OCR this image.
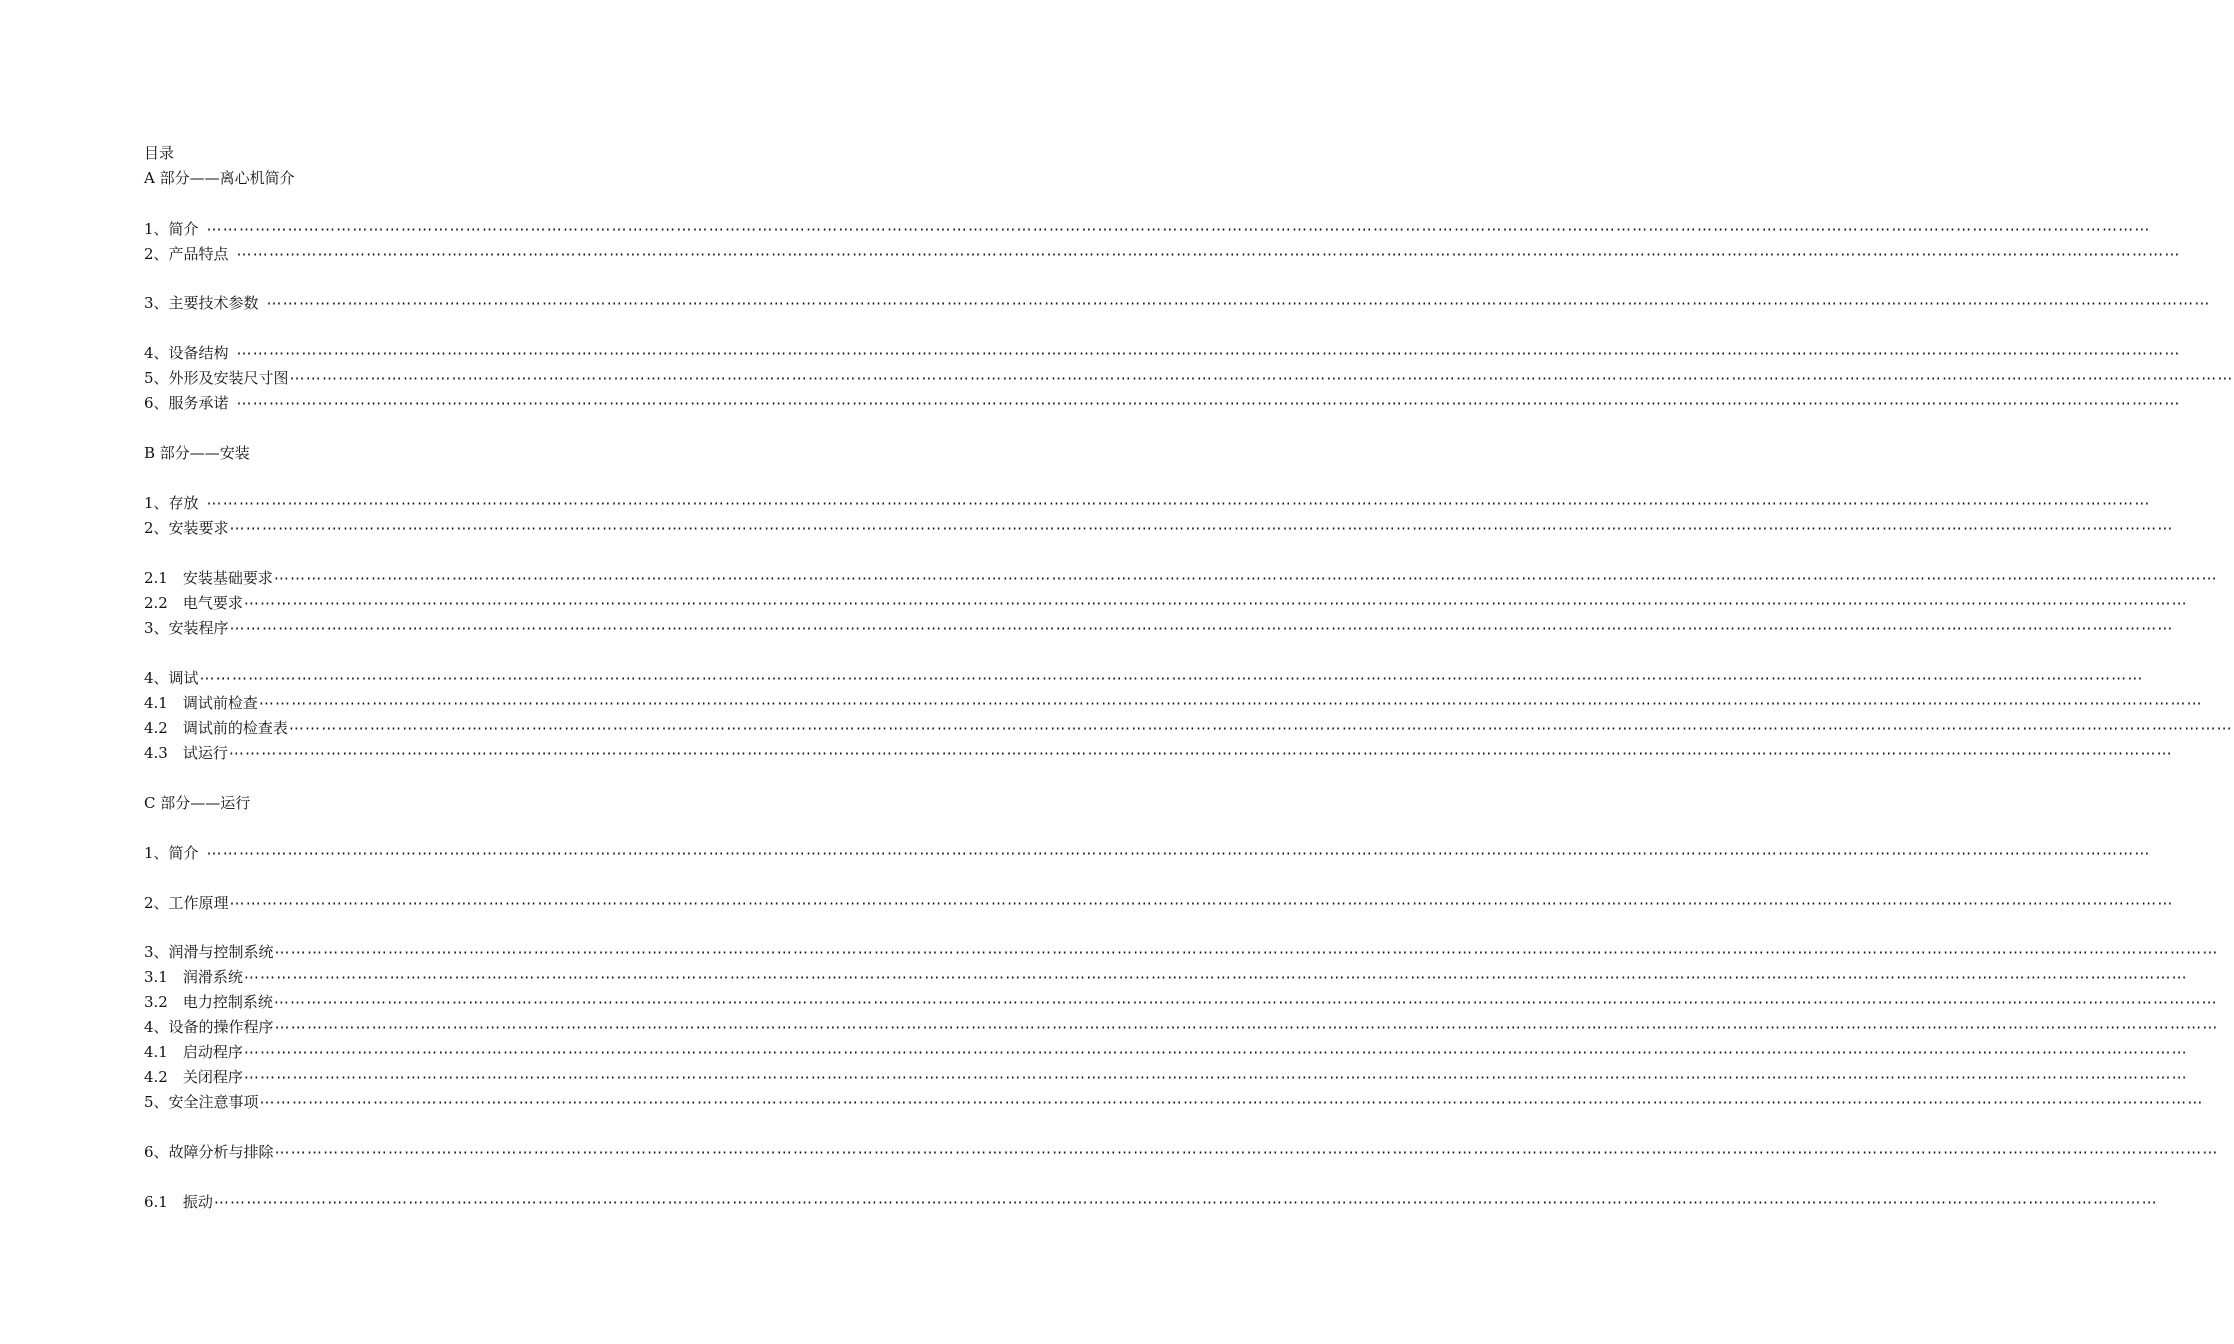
目录
A 部分——离心机简介
1、简介 ⋯⋯⋯⋯⋯⋯⋯⋯⋯⋯⋯⋯⋯⋯⋯⋯⋯⋯⋯⋯⋯⋯⋯⋯⋯⋯⋯⋯⋯⋯⋯⋯⋯⋯⋯⋯⋯⋯⋯⋯⋯⋯⋯⋯⋯⋯⋯⋯⋯⋯⋯⋯⋯⋯⋯⋯⋯⋯⋯⋯⋯⋯⋯⋯⋯⋯⋯⋯⋯⋯⋯⋯⋯⋯⋯⋯⋯⋯⋯⋯⋯⋯⋯⋯⋯⋯⋯⋯⋯⋯⋯⋯⋯⋯⋯⋯⋯⋯⋯⋯⋯⋯⋯⋯⋯⋯⋯⋯⋯⋯⋯⋯⋯⋯⋯⋯⋯⋯⋯⋯
2、产品特点 ⋯⋯⋯⋯⋯⋯⋯⋯⋯⋯⋯⋯⋯⋯⋯⋯⋯⋯⋯⋯⋯⋯⋯⋯⋯⋯⋯⋯⋯⋯⋯⋯⋯⋯⋯⋯⋯⋯⋯⋯⋯⋯⋯⋯⋯⋯⋯⋯⋯⋯⋯⋯⋯⋯⋯⋯⋯⋯⋯⋯⋯⋯⋯⋯⋯⋯⋯⋯⋯⋯⋯⋯⋯⋯⋯⋯⋯⋯⋯⋯⋯⋯⋯⋯⋯⋯⋯⋯⋯⋯⋯⋯⋯⋯⋯⋯⋯⋯⋯⋯⋯⋯⋯⋯⋯⋯⋯⋯⋯⋯⋯⋯⋯⋯⋯⋯⋯⋯⋯⋯
3、主要技术参数 ⋯⋯⋯⋯⋯⋯⋯⋯⋯⋯⋯⋯⋯⋯⋯⋯⋯⋯⋯⋯⋯⋯⋯⋯⋯⋯⋯⋯⋯⋯⋯⋯⋯⋯⋯⋯⋯⋯⋯⋯⋯⋯⋯⋯⋯⋯⋯⋯⋯⋯⋯⋯⋯⋯⋯⋯⋯⋯⋯⋯⋯⋯⋯⋯⋯⋯⋯⋯⋯⋯⋯⋯⋯⋯⋯⋯⋯⋯⋯⋯⋯⋯⋯⋯⋯⋯⋯⋯⋯⋯⋯⋯⋯⋯⋯⋯⋯⋯⋯⋯⋯⋯⋯⋯⋯⋯⋯⋯⋯⋯⋯⋯⋯⋯⋯⋯⋯⋯⋯⋯
4、设备结构 ⋯⋯⋯⋯⋯⋯⋯⋯⋯⋯⋯⋯⋯⋯⋯⋯⋯⋯⋯⋯⋯⋯⋯⋯⋯⋯⋯⋯⋯⋯⋯⋯⋯⋯⋯⋯⋯⋯⋯⋯⋯⋯⋯⋯⋯⋯⋯⋯⋯⋯⋯⋯⋯⋯⋯⋯⋯⋯⋯⋯⋯⋯⋯⋯⋯⋯⋯⋯⋯⋯⋯⋯⋯⋯⋯⋯⋯⋯⋯⋯⋯⋯⋯⋯⋯⋯⋯⋯⋯⋯⋯⋯⋯⋯⋯⋯⋯⋯⋯⋯⋯⋯⋯⋯⋯⋯⋯⋯⋯⋯⋯⋯⋯⋯⋯⋯⋯⋯⋯⋯
5、外形及安装尺寸图 ⋯⋯⋯⋯⋯⋯⋯⋯⋯⋯⋯⋯⋯⋯⋯⋯⋯⋯⋯⋯⋯⋯⋯⋯⋯⋯⋯⋯⋯⋯⋯⋯⋯⋯⋯⋯⋯⋯⋯⋯⋯⋯⋯⋯⋯⋯⋯⋯⋯⋯⋯⋯⋯⋯⋯⋯⋯⋯⋯⋯⋯⋯⋯⋯⋯⋯⋯⋯⋯⋯⋯⋯⋯⋯⋯⋯⋯⋯⋯⋯⋯⋯⋯⋯⋯⋯⋯⋯⋯⋯⋯⋯⋯⋯⋯⋯⋯⋯⋯⋯⋯⋯⋯⋯⋯⋯⋯⋯⋯⋯⋯⋯⋯⋯⋯⋯⋯⋯⋯⋯
6、服务承诺 ⋯⋯⋯⋯⋯⋯⋯⋯⋯⋯⋯⋯⋯⋯⋯⋯⋯⋯⋯⋯⋯⋯⋯⋯⋯⋯⋯⋯⋯⋯⋯⋯⋯⋯⋯⋯⋯⋯⋯⋯⋯⋯⋯⋯⋯⋯⋯⋯⋯⋯⋯⋯⋯⋯⋯⋯⋯⋯⋯⋯⋯⋯⋯⋯⋯⋯⋯⋯⋯⋯⋯⋯⋯⋯⋯⋯⋯⋯⋯⋯⋯⋯⋯⋯⋯⋯⋯⋯⋯⋯⋯⋯⋯⋯⋯⋯⋯⋯⋯⋯⋯⋯⋯⋯⋯⋯⋯⋯⋯⋯⋯⋯⋯⋯⋯⋯⋯⋯⋯⋯
B 部分——安装
1、存放 ⋯⋯⋯⋯⋯⋯⋯⋯⋯⋯⋯⋯⋯⋯⋯⋯⋯⋯⋯⋯⋯⋯⋯⋯⋯⋯⋯⋯⋯⋯⋯⋯⋯⋯⋯⋯⋯⋯⋯⋯⋯⋯⋯⋯⋯⋯⋯⋯⋯⋯⋯⋯⋯⋯⋯⋯⋯⋯⋯⋯⋯⋯⋯⋯⋯⋯⋯⋯⋯⋯⋯⋯⋯⋯⋯⋯⋯⋯⋯⋯⋯⋯⋯⋯⋯⋯⋯⋯⋯⋯⋯⋯⋯⋯⋯⋯⋯⋯⋯⋯⋯⋯⋯⋯⋯⋯⋯⋯⋯⋯⋯⋯⋯⋯⋯⋯⋯⋯⋯⋯
2、安装要求 ⋯⋯⋯⋯⋯⋯⋯⋯⋯⋯⋯⋯⋯⋯⋯⋯⋯⋯⋯⋯⋯⋯⋯⋯⋯⋯⋯⋯⋯⋯⋯⋯⋯⋯⋯⋯⋯⋯⋯⋯⋯⋯⋯⋯⋯⋯⋯⋯⋯⋯⋯⋯⋯⋯⋯⋯⋯⋯⋯⋯⋯⋯⋯⋯⋯⋯⋯⋯⋯⋯⋯⋯⋯⋯⋯⋯⋯⋯⋯⋯⋯⋯⋯⋯⋯⋯⋯⋯⋯⋯⋯⋯⋯⋯⋯⋯⋯⋯⋯⋯⋯⋯⋯⋯⋯⋯⋯⋯⋯⋯⋯⋯⋯⋯⋯⋯⋯⋯⋯⋯
2.1　安装基础要求 ⋯⋯⋯⋯⋯⋯⋯⋯⋯⋯⋯⋯⋯⋯⋯⋯⋯⋯⋯⋯⋯⋯⋯⋯⋯⋯⋯⋯⋯⋯⋯⋯⋯⋯⋯⋯⋯⋯⋯⋯⋯⋯⋯⋯⋯⋯⋯⋯⋯⋯⋯⋯⋯⋯⋯⋯⋯⋯⋯⋯⋯⋯⋯⋯⋯⋯⋯⋯⋯⋯⋯⋯⋯⋯⋯⋯⋯⋯⋯⋯⋯⋯⋯⋯⋯⋯⋯⋯⋯⋯⋯⋯⋯⋯⋯⋯⋯⋯⋯⋯⋯⋯⋯⋯⋯⋯⋯⋯⋯⋯⋯⋯⋯⋯⋯⋯⋯⋯⋯⋯
2.2　电气要求 ⋯⋯⋯⋯⋯⋯⋯⋯⋯⋯⋯⋯⋯⋯⋯⋯⋯⋯⋯⋯⋯⋯⋯⋯⋯⋯⋯⋯⋯⋯⋯⋯⋯⋯⋯⋯⋯⋯⋯⋯⋯⋯⋯⋯⋯⋯⋯⋯⋯⋯⋯⋯⋯⋯⋯⋯⋯⋯⋯⋯⋯⋯⋯⋯⋯⋯⋯⋯⋯⋯⋯⋯⋯⋯⋯⋯⋯⋯⋯⋯⋯⋯⋯⋯⋯⋯⋯⋯⋯⋯⋯⋯⋯⋯⋯⋯⋯⋯⋯⋯⋯⋯⋯⋯⋯⋯⋯⋯⋯⋯⋯⋯⋯⋯⋯⋯⋯⋯⋯⋯
3、安装程序 ⋯⋯⋯⋯⋯⋯⋯⋯⋯⋯⋯⋯⋯⋯⋯⋯⋯⋯⋯⋯⋯⋯⋯⋯⋯⋯⋯⋯⋯⋯⋯⋯⋯⋯⋯⋯⋯⋯⋯⋯⋯⋯⋯⋯⋯⋯⋯⋯⋯⋯⋯⋯⋯⋯⋯⋯⋯⋯⋯⋯⋯⋯⋯⋯⋯⋯⋯⋯⋯⋯⋯⋯⋯⋯⋯⋯⋯⋯⋯⋯⋯⋯⋯⋯⋯⋯⋯⋯⋯⋯⋯⋯⋯⋯⋯⋯⋯⋯⋯⋯⋯⋯⋯⋯⋯⋯⋯⋯⋯⋯⋯⋯⋯⋯⋯⋯⋯⋯⋯⋯
4、调试 ⋯⋯⋯⋯⋯⋯⋯⋯⋯⋯⋯⋯⋯⋯⋯⋯⋯⋯⋯⋯⋯⋯⋯⋯⋯⋯⋯⋯⋯⋯⋯⋯⋯⋯⋯⋯⋯⋯⋯⋯⋯⋯⋯⋯⋯⋯⋯⋯⋯⋯⋯⋯⋯⋯⋯⋯⋯⋯⋯⋯⋯⋯⋯⋯⋯⋯⋯⋯⋯⋯⋯⋯⋯⋯⋯⋯⋯⋯⋯⋯⋯⋯⋯⋯⋯⋯⋯⋯⋯⋯⋯⋯⋯⋯⋯⋯⋯⋯⋯⋯⋯⋯⋯⋯⋯⋯⋯⋯⋯⋯⋯⋯⋯⋯⋯⋯⋯⋯⋯⋯
4.1　调试前检查 ⋯⋯⋯⋯⋯⋯⋯⋯⋯⋯⋯⋯⋯⋯⋯⋯⋯⋯⋯⋯⋯⋯⋯⋯⋯⋯⋯⋯⋯⋯⋯⋯⋯⋯⋯⋯⋯⋯⋯⋯⋯⋯⋯⋯⋯⋯⋯⋯⋯⋯⋯⋯⋯⋯⋯⋯⋯⋯⋯⋯⋯⋯⋯⋯⋯⋯⋯⋯⋯⋯⋯⋯⋯⋯⋯⋯⋯⋯⋯⋯⋯⋯⋯⋯⋯⋯⋯⋯⋯⋯⋯⋯⋯⋯⋯⋯⋯⋯⋯⋯⋯⋯⋯⋯⋯⋯⋯⋯⋯⋯⋯⋯⋯⋯⋯⋯⋯⋯⋯⋯
4.2　调试前的检查表 ⋯⋯⋯⋯⋯⋯⋯⋯⋯⋯⋯⋯⋯⋯⋯⋯⋯⋯⋯⋯⋯⋯⋯⋯⋯⋯⋯⋯⋯⋯⋯⋯⋯⋯⋯⋯⋯⋯⋯⋯⋯⋯⋯⋯⋯⋯⋯⋯⋯⋯⋯⋯⋯⋯⋯⋯⋯⋯⋯⋯⋯⋯⋯⋯⋯⋯⋯⋯⋯⋯⋯⋯⋯⋯⋯⋯⋯⋯⋯⋯⋯⋯⋯⋯⋯⋯⋯⋯⋯⋯⋯⋯⋯⋯⋯⋯⋯⋯⋯⋯⋯⋯⋯⋯⋯⋯⋯⋯⋯⋯⋯⋯⋯⋯⋯⋯⋯⋯⋯⋯
4.3　试运行 ⋯⋯⋯⋯⋯⋯⋯⋯⋯⋯⋯⋯⋯⋯⋯⋯⋯⋯⋯⋯⋯⋯⋯⋯⋯⋯⋯⋯⋯⋯⋯⋯⋯⋯⋯⋯⋯⋯⋯⋯⋯⋯⋯⋯⋯⋯⋯⋯⋯⋯⋯⋯⋯⋯⋯⋯⋯⋯⋯⋯⋯⋯⋯⋯⋯⋯⋯⋯⋯⋯⋯⋯⋯⋯⋯⋯⋯⋯⋯⋯⋯⋯⋯⋯⋯⋯⋯⋯⋯⋯⋯⋯⋯⋯⋯⋯⋯⋯⋯⋯⋯⋯⋯⋯⋯⋯⋯⋯⋯⋯⋯⋯⋯⋯⋯⋯⋯⋯⋯⋯
C 部分——运行
1、简介 ⋯⋯⋯⋯⋯⋯⋯⋯⋯⋯⋯⋯⋯⋯⋯⋯⋯⋯⋯⋯⋯⋯⋯⋯⋯⋯⋯⋯⋯⋯⋯⋯⋯⋯⋯⋯⋯⋯⋯⋯⋯⋯⋯⋯⋯⋯⋯⋯⋯⋯⋯⋯⋯⋯⋯⋯⋯⋯⋯⋯⋯⋯⋯⋯⋯⋯⋯⋯⋯⋯⋯⋯⋯⋯⋯⋯⋯⋯⋯⋯⋯⋯⋯⋯⋯⋯⋯⋯⋯⋯⋯⋯⋯⋯⋯⋯⋯⋯⋯⋯⋯⋯⋯⋯⋯⋯⋯⋯⋯⋯⋯⋯⋯⋯⋯⋯⋯⋯⋯⋯
2、工作原理 ⋯⋯⋯⋯⋯⋯⋯⋯⋯⋯⋯⋯⋯⋯⋯⋯⋯⋯⋯⋯⋯⋯⋯⋯⋯⋯⋯⋯⋯⋯⋯⋯⋯⋯⋯⋯⋯⋯⋯⋯⋯⋯⋯⋯⋯⋯⋯⋯⋯⋯⋯⋯⋯⋯⋯⋯⋯⋯⋯⋯⋯⋯⋯⋯⋯⋯⋯⋯⋯⋯⋯⋯⋯⋯⋯⋯⋯⋯⋯⋯⋯⋯⋯⋯⋯⋯⋯⋯⋯⋯⋯⋯⋯⋯⋯⋯⋯⋯⋯⋯⋯⋯⋯⋯⋯⋯⋯⋯⋯⋯⋯⋯⋯⋯⋯⋯⋯⋯⋯⋯
3、润滑与控制系统 ⋯⋯⋯⋯⋯⋯⋯⋯⋯⋯⋯⋯⋯⋯⋯⋯⋯⋯⋯⋯⋯⋯⋯⋯⋯⋯⋯⋯⋯⋯⋯⋯⋯⋯⋯⋯⋯⋯⋯⋯⋯⋯⋯⋯⋯⋯⋯⋯⋯⋯⋯⋯⋯⋯⋯⋯⋯⋯⋯⋯⋯⋯⋯⋯⋯⋯⋯⋯⋯⋯⋯⋯⋯⋯⋯⋯⋯⋯⋯⋯⋯⋯⋯⋯⋯⋯⋯⋯⋯⋯⋯⋯⋯⋯⋯⋯⋯⋯⋯⋯⋯⋯⋯⋯⋯⋯⋯⋯⋯⋯⋯⋯⋯⋯⋯⋯⋯⋯⋯⋯
3.1　润滑系统 ⋯⋯⋯⋯⋯⋯⋯⋯⋯⋯⋯⋯⋯⋯⋯⋯⋯⋯⋯⋯⋯⋯⋯⋯⋯⋯⋯⋯⋯⋯⋯⋯⋯⋯⋯⋯⋯⋯⋯⋯⋯⋯⋯⋯⋯⋯⋯⋯⋯⋯⋯⋯⋯⋯⋯⋯⋯⋯⋯⋯⋯⋯⋯⋯⋯⋯⋯⋯⋯⋯⋯⋯⋯⋯⋯⋯⋯⋯⋯⋯⋯⋯⋯⋯⋯⋯⋯⋯⋯⋯⋯⋯⋯⋯⋯⋯⋯⋯⋯⋯⋯⋯⋯⋯⋯⋯⋯⋯⋯⋯⋯⋯⋯⋯⋯⋯⋯⋯⋯⋯
3.2　电力控制系统 ⋯⋯⋯⋯⋯⋯⋯⋯⋯⋯⋯⋯⋯⋯⋯⋯⋯⋯⋯⋯⋯⋯⋯⋯⋯⋯⋯⋯⋯⋯⋯⋯⋯⋯⋯⋯⋯⋯⋯⋯⋯⋯⋯⋯⋯⋯⋯⋯⋯⋯⋯⋯⋯⋯⋯⋯⋯⋯⋯⋯⋯⋯⋯⋯⋯⋯⋯⋯⋯⋯⋯⋯⋯⋯⋯⋯⋯⋯⋯⋯⋯⋯⋯⋯⋯⋯⋯⋯⋯⋯⋯⋯⋯⋯⋯⋯⋯⋯⋯⋯⋯⋯⋯⋯⋯⋯⋯⋯⋯⋯⋯⋯⋯⋯⋯⋯⋯⋯⋯⋯
4、设备的操作程序 ⋯⋯⋯⋯⋯⋯⋯⋯⋯⋯⋯⋯⋯⋯⋯⋯⋯⋯⋯⋯⋯⋯⋯⋯⋯⋯⋯⋯⋯⋯⋯⋯⋯⋯⋯⋯⋯⋯⋯⋯⋯⋯⋯⋯⋯⋯⋯⋯⋯⋯⋯⋯⋯⋯⋯⋯⋯⋯⋯⋯⋯⋯⋯⋯⋯⋯⋯⋯⋯⋯⋯⋯⋯⋯⋯⋯⋯⋯⋯⋯⋯⋯⋯⋯⋯⋯⋯⋯⋯⋯⋯⋯⋯⋯⋯⋯⋯⋯⋯⋯⋯⋯⋯⋯⋯⋯⋯⋯⋯⋯⋯⋯⋯⋯⋯⋯⋯⋯⋯⋯
4.1　启动程序 ⋯⋯⋯⋯⋯⋯⋯⋯⋯⋯⋯⋯⋯⋯⋯⋯⋯⋯⋯⋯⋯⋯⋯⋯⋯⋯⋯⋯⋯⋯⋯⋯⋯⋯⋯⋯⋯⋯⋯⋯⋯⋯⋯⋯⋯⋯⋯⋯⋯⋯⋯⋯⋯⋯⋯⋯⋯⋯⋯⋯⋯⋯⋯⋯⋯⋯⋯⋯⋯⋯⋯⋯⋯⋯⋯⋯⋯⋯⋯⋯⋯⋯⋯⋯⋯⋯⋯⋯⋯⋯⋯⋯⋯⋯⋯⋯⋯⋯⋯⋯⋯⋯⋯⋯⋯⋯⋯⋯⋯⋯⋯⋯⋯⋯⋯⋯⋯⋯⋯⋯
4.2　关闭程序 ⋯⋯⋯⋯⋯⋯⋯⋯⋯⋯⋯⋯⋯⋯⋯⋯⋯⋯⋯⋯⋯⋯⋯⋯⋯⋯⋯⋯⋯⋯⋯⋯⋯⋯⋯⋯⋯⋯⋯⋯⋯⋯⋯⋯⋯⋯⋯⋯⋯⋯⋯⋯⋯⋯⋯⋯⋯⋯⋯⋯⋯⋯⋯⋯⋯⋯⋯⋯⋯⋯⋯⋯⋯⋯⋯⋯⋯⋯⋯⋯⋯⋯⋯⋯⋯⋯⋯⋯⋯⋯⋯⋯⋯⋯⋯⋯⋯⋯⋯⋯⋯⋯⋯⋯⋯⋯⋯⋯⋯⋯⋯⋯⋯⋯⋯⋯⋯⋯⋯⋯
5、安全注意事项 ⋯⋯⋯⋯⋯⋯⋯⋯⋯⋯⋯⋯⋯⋯⋯⋯⋯⋯⋯⋯⋯⋯⋯⋯⋯⋯⋯⋯⋯⋯⋯⋯⋯⋯⋯⋯⋯⋯⋯⋯⋯⋯⋯⋯⋯⋯⋯⋯⋯⋯⋯⋯⋯⋯⋯⋯⋯⋯⋯⋯⋯⋯⋯⋯⋯⋯⋯⋯⋯⋯⋯⋯⋯⋯⋯⋯⋯⋯⋯⋯⋯⋯⋯⋯⋯⋯⋯⋯⋯⋯⋯⋯⋯⋯⋯⋯⋯⋯⋯⋯⋯⋯⋯⋯⋯⋯⋯⋯⋯⋯⋯⋯⋯⋯⋯⋯⋯⋯⋯⋯
6、故障分析与排除 ⋯⋯⋯⋯⋯⋯⋯⋯⋯⋯⋯⋯⋯⋯⋯⋯⋯⋯⋯⋯⋯⋯⋯⋯⋯⋯⋯⋯⋯⋯⋯⋯⋯⋯⋯⋯⋯⋯⋯⋯⋯⋯⋯⋯⋯⋯⋯⋯⋯⋯⋯⋯⋯⋯⋯⋯⋯⋯⋯⋯⋯⋯⋯⋯⋯⋯⋯⋯⋯⋯⋯⋯⋯⋯⋯⋯⋯⋯⋯⋯⋯⋯⋯⋯⋯⋯⋯⋯⋯⋯⋯⋯⋯⋯⋯⋯⋯⋯⋯⋯⋯⋯⋯⋯⋯⋯⋯⋯⋯⋯⋯⋯⋯⋯⋯⋯⋯⋯⋯⋯
6.1　振动 ⋯⋯⋯⋯⋯⋯⋯⋯⋯⋯⋯⋯⋯⋯⋯⋯⋯⋯⋯⋯⋯⋯⋯⋯⋯⋯⋯⋯⋯⋯⋯⋯⋯⋯⋯⋯⋯⋯⋯⋯⋯⋯⋯⋯⋯⋯⋯⋯⋯⋯⋯⋯⋯⋯⋯⋯⋯⋯⋯⋯⋯⋯⋯⋯⋯⋯⋯⋯⋯⋯⋯⋯⋯⋯⋯⋯⋯⋯⋯⋯⋯⋯⋯⋯⋯⋯⋯⋯⋯⋯⋯⋯⋯⋯⋯⋯⋯⋯⋯⋯⋯⋯⋯⋯⋯⋯⋯⋯⋯⋯⋯⋯⋯⋯⋯⋯⋯⋯⋯⋯
